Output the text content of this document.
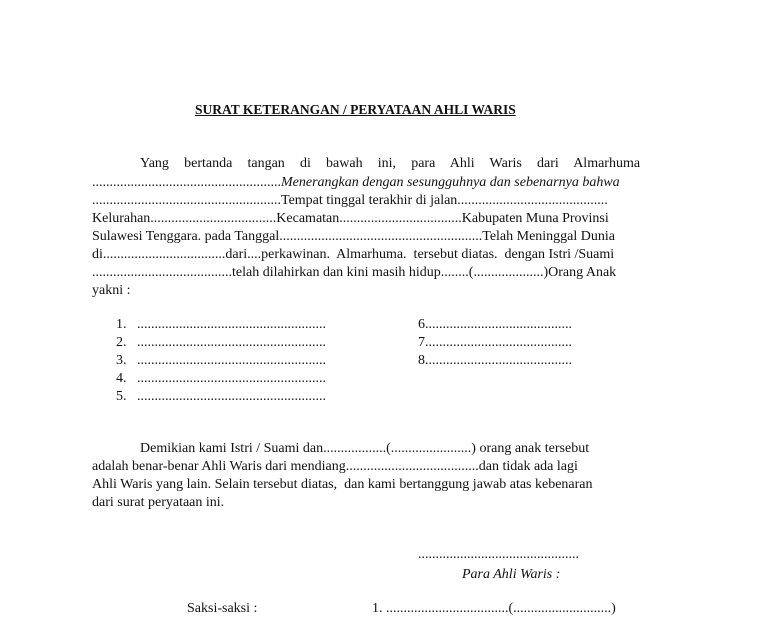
SURAT KETERANGAN / PERYATAAN AHLI WARIS
Yang bertanda tangan di bawah ini, para Ahli Waris dari Almarhuma
......................................................Menerangkan dengan sesungguhnya dan sebenarnya bahwa
......................................................Tempat tinggal terakhir di jalan...........................................
Kelurahan....................................Kecamatan...................................Kabupaten Muna Provinsi
Sulawesi Tenggara. pada Tanggal..........................................................Telah Meninggal Dunia
di...................................dari....perkawinan.  Almarhuma.  tersebut diatas.  dengan Istri /Suami
........................................telah dilahirkan dan kini masih hidup........(....................)Orang Anak
yakni :
1. ......................................................
2. ......................................................
3. ......................................................
4. ......................................................
5. ......................................................
6..........................................
7..........................................
8..........................................
Demikian kami Istri / Suami dan..................(.......................) orang anak tersebut
adalah benar-benar Ahli Waris dari mendiang......................................dan tidak ada lagi
Ahli Waris yang lain. Selain tersebut diatas,  dan kami bertanggung jawab atas kebenaran
dari surat peryataan ini.
..............................................
Para Ahli Waris :
Saksi-saksi :	1. ...................................(............................)
